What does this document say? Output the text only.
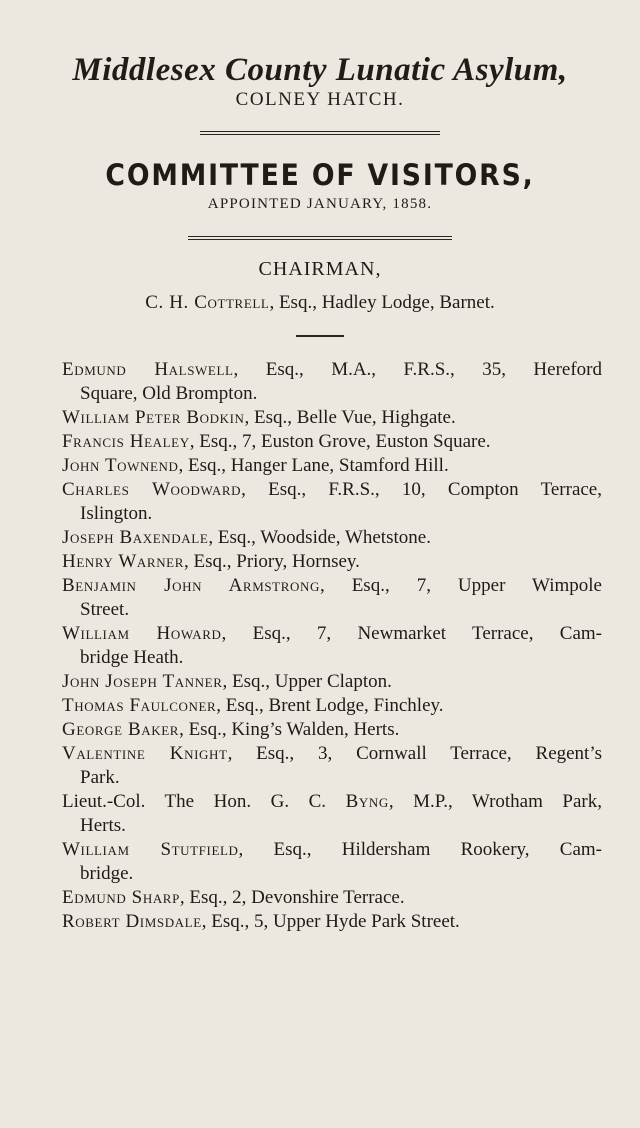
Middlesex County Lunatic Asylum,
COLNEY HATCH.
COMMITTEE OF VISITORS,
APPOINTED JANUARY, 1858.
CHAIRMAN,
C. H. Cottrell, Esq., Hadley Lodge, Barnet.
Edmund Halswell, Esq., M.A., F.R.S., 35, Hereford
Square, Old Brompton.
William Peter Bodkin, Esq., Belle Vue, Highgate.
Francis Healey, Esq., 7, Euston Grove, Euston Square.
John Townend, Esq., Hanger Lane, Stamford Hill.
Charles Woodward, Esq., F.R.S., 10, Compton Terrace,
Islington.
Joseph Baxendale, Esq., Woodside, Whetstone.
Henry Warner, Esq., Priory, Hornsey.
Benjamin John Armstrong, Esq., 7, Upper Wimpole
Street.
William Howard, Esq., 7, Newmarket Terrace, Cam-
bridge Heath.
John Joseph Tanner, Esq., Upper Clapton.
Thomas Faulconer, Esq., Brent Lodge, Finchley.
George Baker, Esq., King’s Walden, Herts.
Valentine Knight, Esq., 3, Cornwall Terrace, Regent’s
Park.
Lieut.-Col. The Hon. G. C. Byng, M.P., Wrotham Park,
Herts.
William Stutfield, Esq., Hildersham Rookery, Cam-
bridge.
Edmund Sharp, Esq., 2, Devonshire Terrace.
Robert Dimsdale, Esq., 5, Upper Hyde Park Street.
